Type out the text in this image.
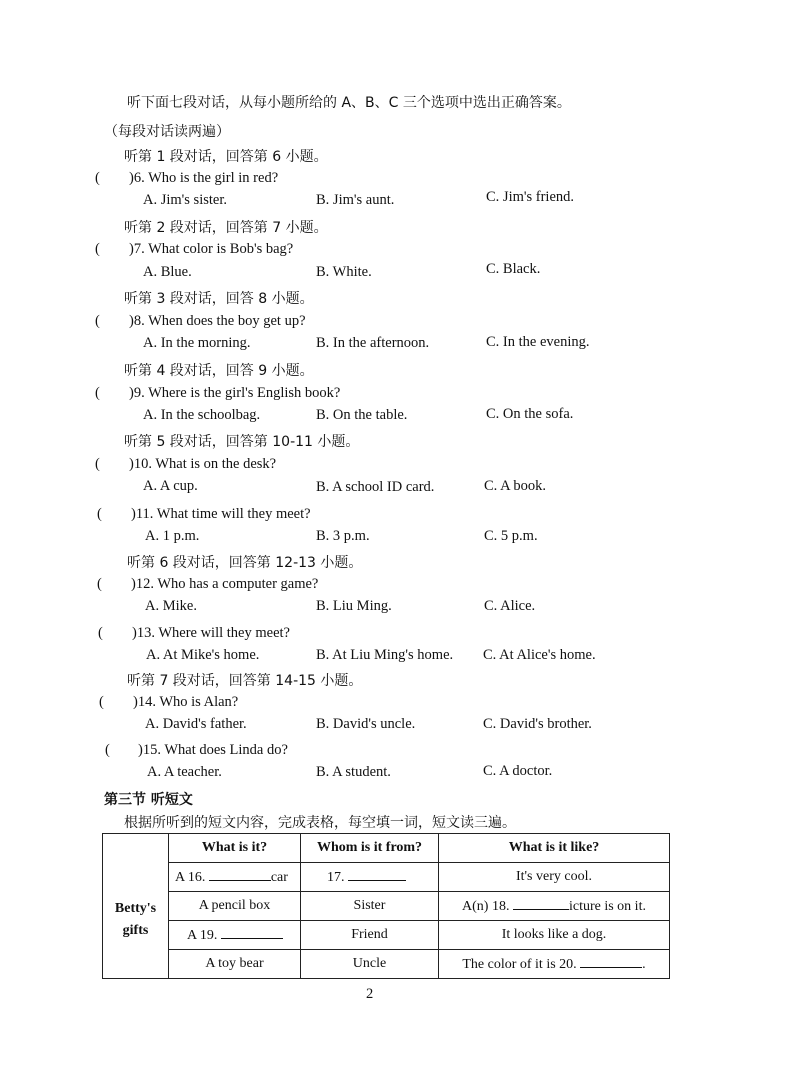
听下面七段对话，从每小题所给的 A、B、C 三个选项中选出正确答案。
（每段对话读两遍）
听第 1 段对话，回答第 6 小题。
( )6. Who is the girl in red?
A. Jim's sister.	B. Jim's aunt.	C. Jim's friend.
听第 2 段对话，回答第 7 小题。
( )7. What color is Bob's bag?
A. Blue.	B. White.	C. Black.
听第 3 段对话，回答 8 小题。
( )8. When does the boy get up?
A. In the morning.	B. In the afternoon.	C. In the evening.
听第 4 段对话，回答 9 小题。
( )9. Where is the girl's English book?
A. In the schoolbag.	B. On the table.	C. On the sofa.
听第 5 段对话，回答第 10-11 小题。
( )10. What is on the desk?
A. A cup.	B. A school ID card.	C. A book.
( )11. What time will they meet?
A. 1 p.m.	B. 3 p.m.	C. 5 p.m.
听第 6 段对话，回答第 12-13 小题。
( )12. Who has a computer game?
A. Mike.	B. Liu Ming.	C. Alice.
( )13. Where will they meet?
A. At Mike's home.	B. At Liu Ming's home. C. At Alice's home.
听第 7 段对话，回答第 14-15 小题。
( )14. Who is Alan?
A. David's father.	B. David's uncle.	C. David's brother.
( )15. What does Linda do?
A. A teacher.	B. A student.	C. A doctor.
第三节 听短文
根据所听到的短文内容，完成表格，每空填一词，短文读三遍。
	What is it?	Whom is it from?	What is it like?
Betty's gifts	A 16. car	17.	It's very cool.
	A pencil box	Sister	A(n) 18. icture is on it.
	A 19.	Friend	It looks like a dog.
	A toy bear	Uncle	The color of it is 20. .
2
